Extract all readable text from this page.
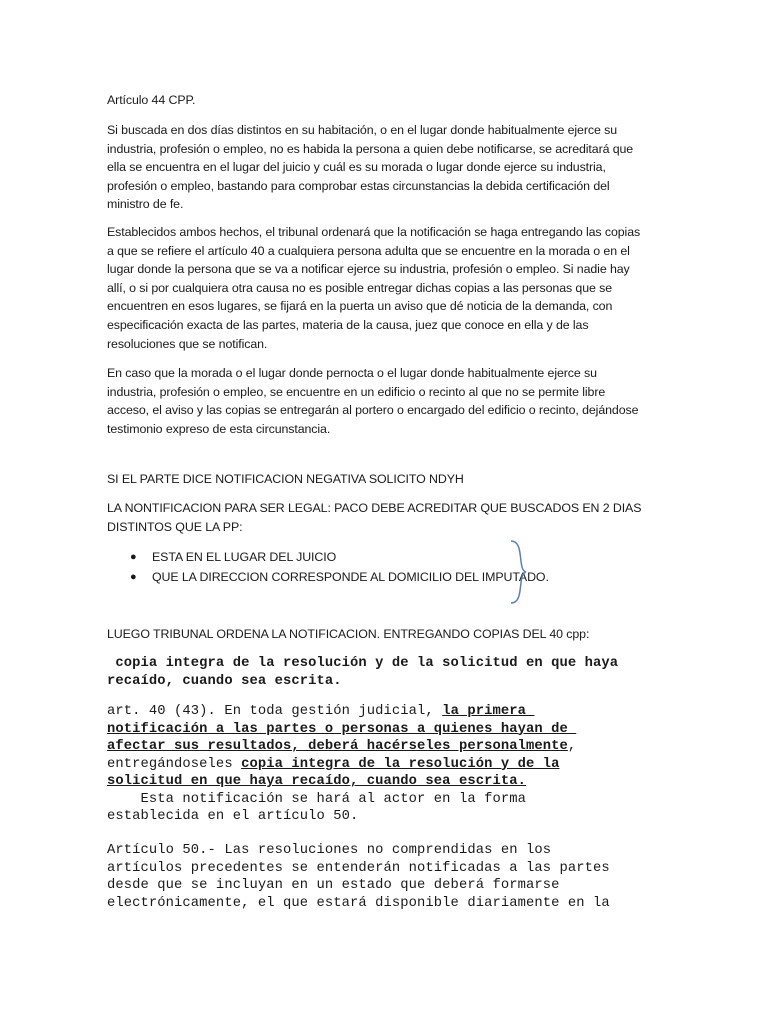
Artículo 44 CPP.
Si buscada en dos días distintos en su habitación, o en el lugar donde habitualmente ejerce su
industria, profesión o empleo, no es habida la persona a quien debe notificarse, se acreditará que
ella se encuentra en el lugar del juicio y cuál es su morada o lugar donde ejerce su industria,
profesión o empleo, bastando para comprobar estas circunstancias la debida certificación del
ministro de fe.
Establecidos ambos hechos, el tribunal ordenará que la notificación se haga entregando las copias
a que se refiere el artículo 40 a cualquiera persona adulta que se encuentre en la morada o en el
lugar donde la persona que se va a notificar ejerce su industria, profesión o empleo. Si nadie hay
allí, o si por cualquiera otra causa no es posible entregar dichas copias a las personas que se
encuentren en esos lugares, se fijará en la puerta un aviso que dé noticia de la demanda, con
especificación exacta de las partes, materia de la causa, juez que conoce en ella y de las
resoluciones que se notifican.
En caso que la morada o el lugar donde pernocta o el lugar donde habitualmente ejerce su
industria, profesión o empleo, se encuentre en un edificio o recinto al que no se permite libre
acceso, el aviso y las copias se entregarán al portero o encargado del edificio o recinto, dejándose
testimonio expreso de esta circunstancia.
SI EL PARTE DICE NOTIFICACION NEGATIVA SOLICITO NDYH
LA NONTIFICACION PARA SER LEGAL: PACO DEBE ACREDITAR QUE BUSCADOS EN 2 DIAS
DISTINTOS QUE LA PP:
● ESTA EN EL LUGAR DEL JUICIO
● QUE LA DIRECCION CORRESPONDE AL DOMICILIO DEL IMPUTADO.
LUEGO TRIBUNAL ORDENA LA NOTIFICACION. ENTREGANDO COPIAS DEL 40 cpp:
copia integra de la resolución y de la solicitud en que haya
recaído, cuando sea escrita.
art. 40 (43). En toda gestión judicial, la primera
notificación a las partes o personas a quienes hayan de
afectar sus resultados, deberá hacérseles personalmente,
entregándoseles copia integra de la resolución y de la
solicitud en que haya recaído, cuando sea escrita.
Esta notificación se hará al actor en la forma
establecida en el artículo 50.
Artículo 50.- Las resoluciones no comprendidas en los
artículos precedentes se entenderán notificadas a las partes
desde que se incluyan en un estado que deberá formarse
electrónicamente, el que estará disponible diariamente en la
